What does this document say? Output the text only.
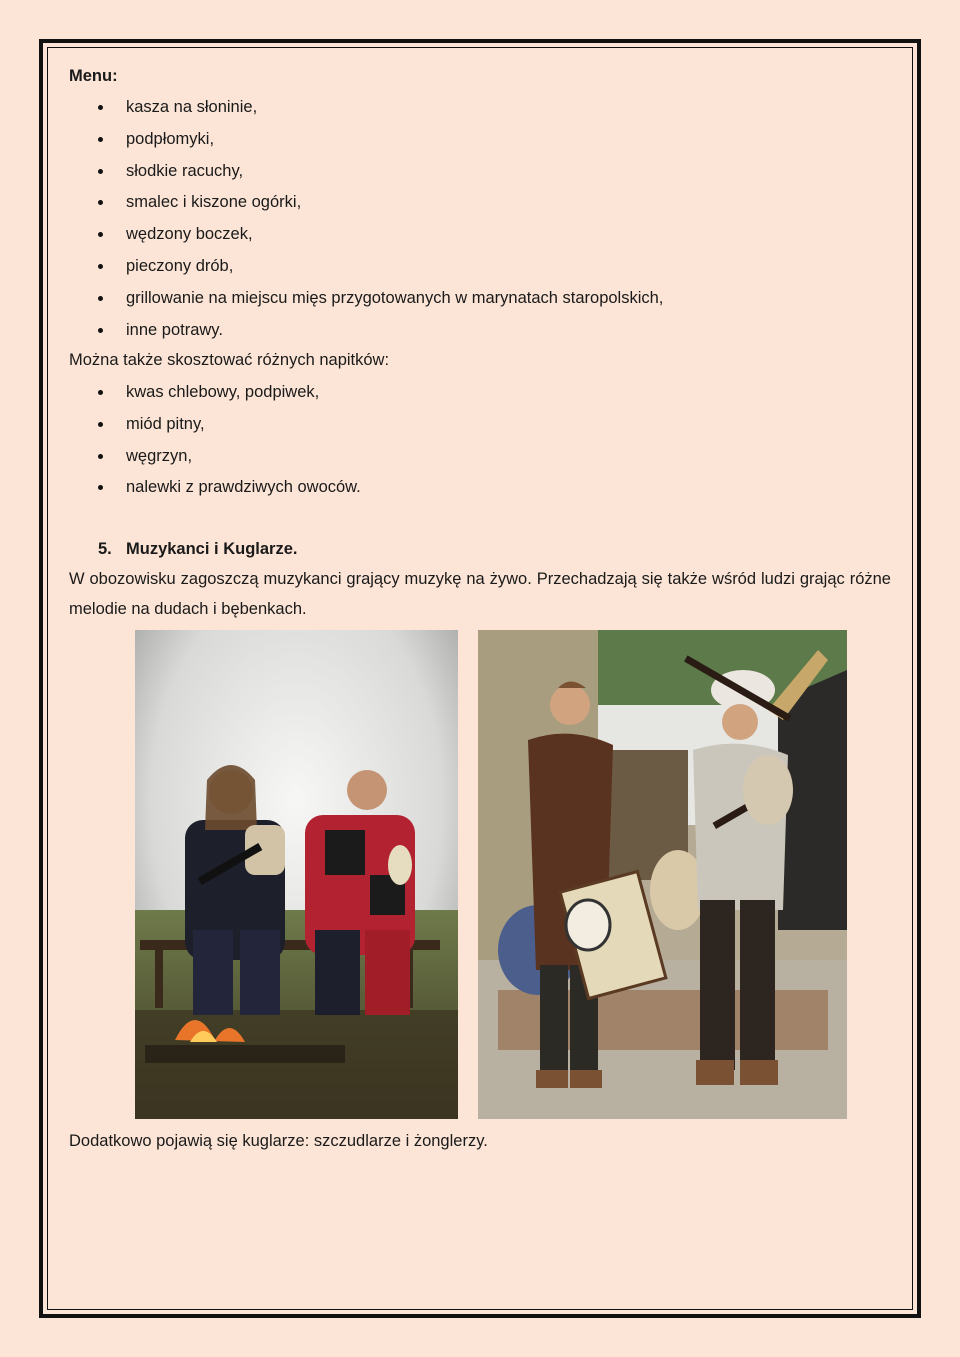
Menu:
kasza na słoninie,
podpłomyki,
słodkie racuchy,
smalec i kiszone ogórki,
wędzony boczek,
pieczony drób,
grillowanie na miejscu mięs przygotowanych w marynatach staropolskich,
inne potrawy.
Można także skosztować różnych napitków:
kwas chlebowy, podpiwek,
miód pitny,
węgrzyn,
nalewki z prawdziwych owoców.
5. Muzykanci i Kuglarze.
W obozowisku zagoszczą muzykanci grający muzykę na żywo. Przechadzają się także wśród ludzi grając różne melodie na dudach i bębenkach.
Dodatkowo pojawią się kuglarze: szczudlarze i żonglerzy.
